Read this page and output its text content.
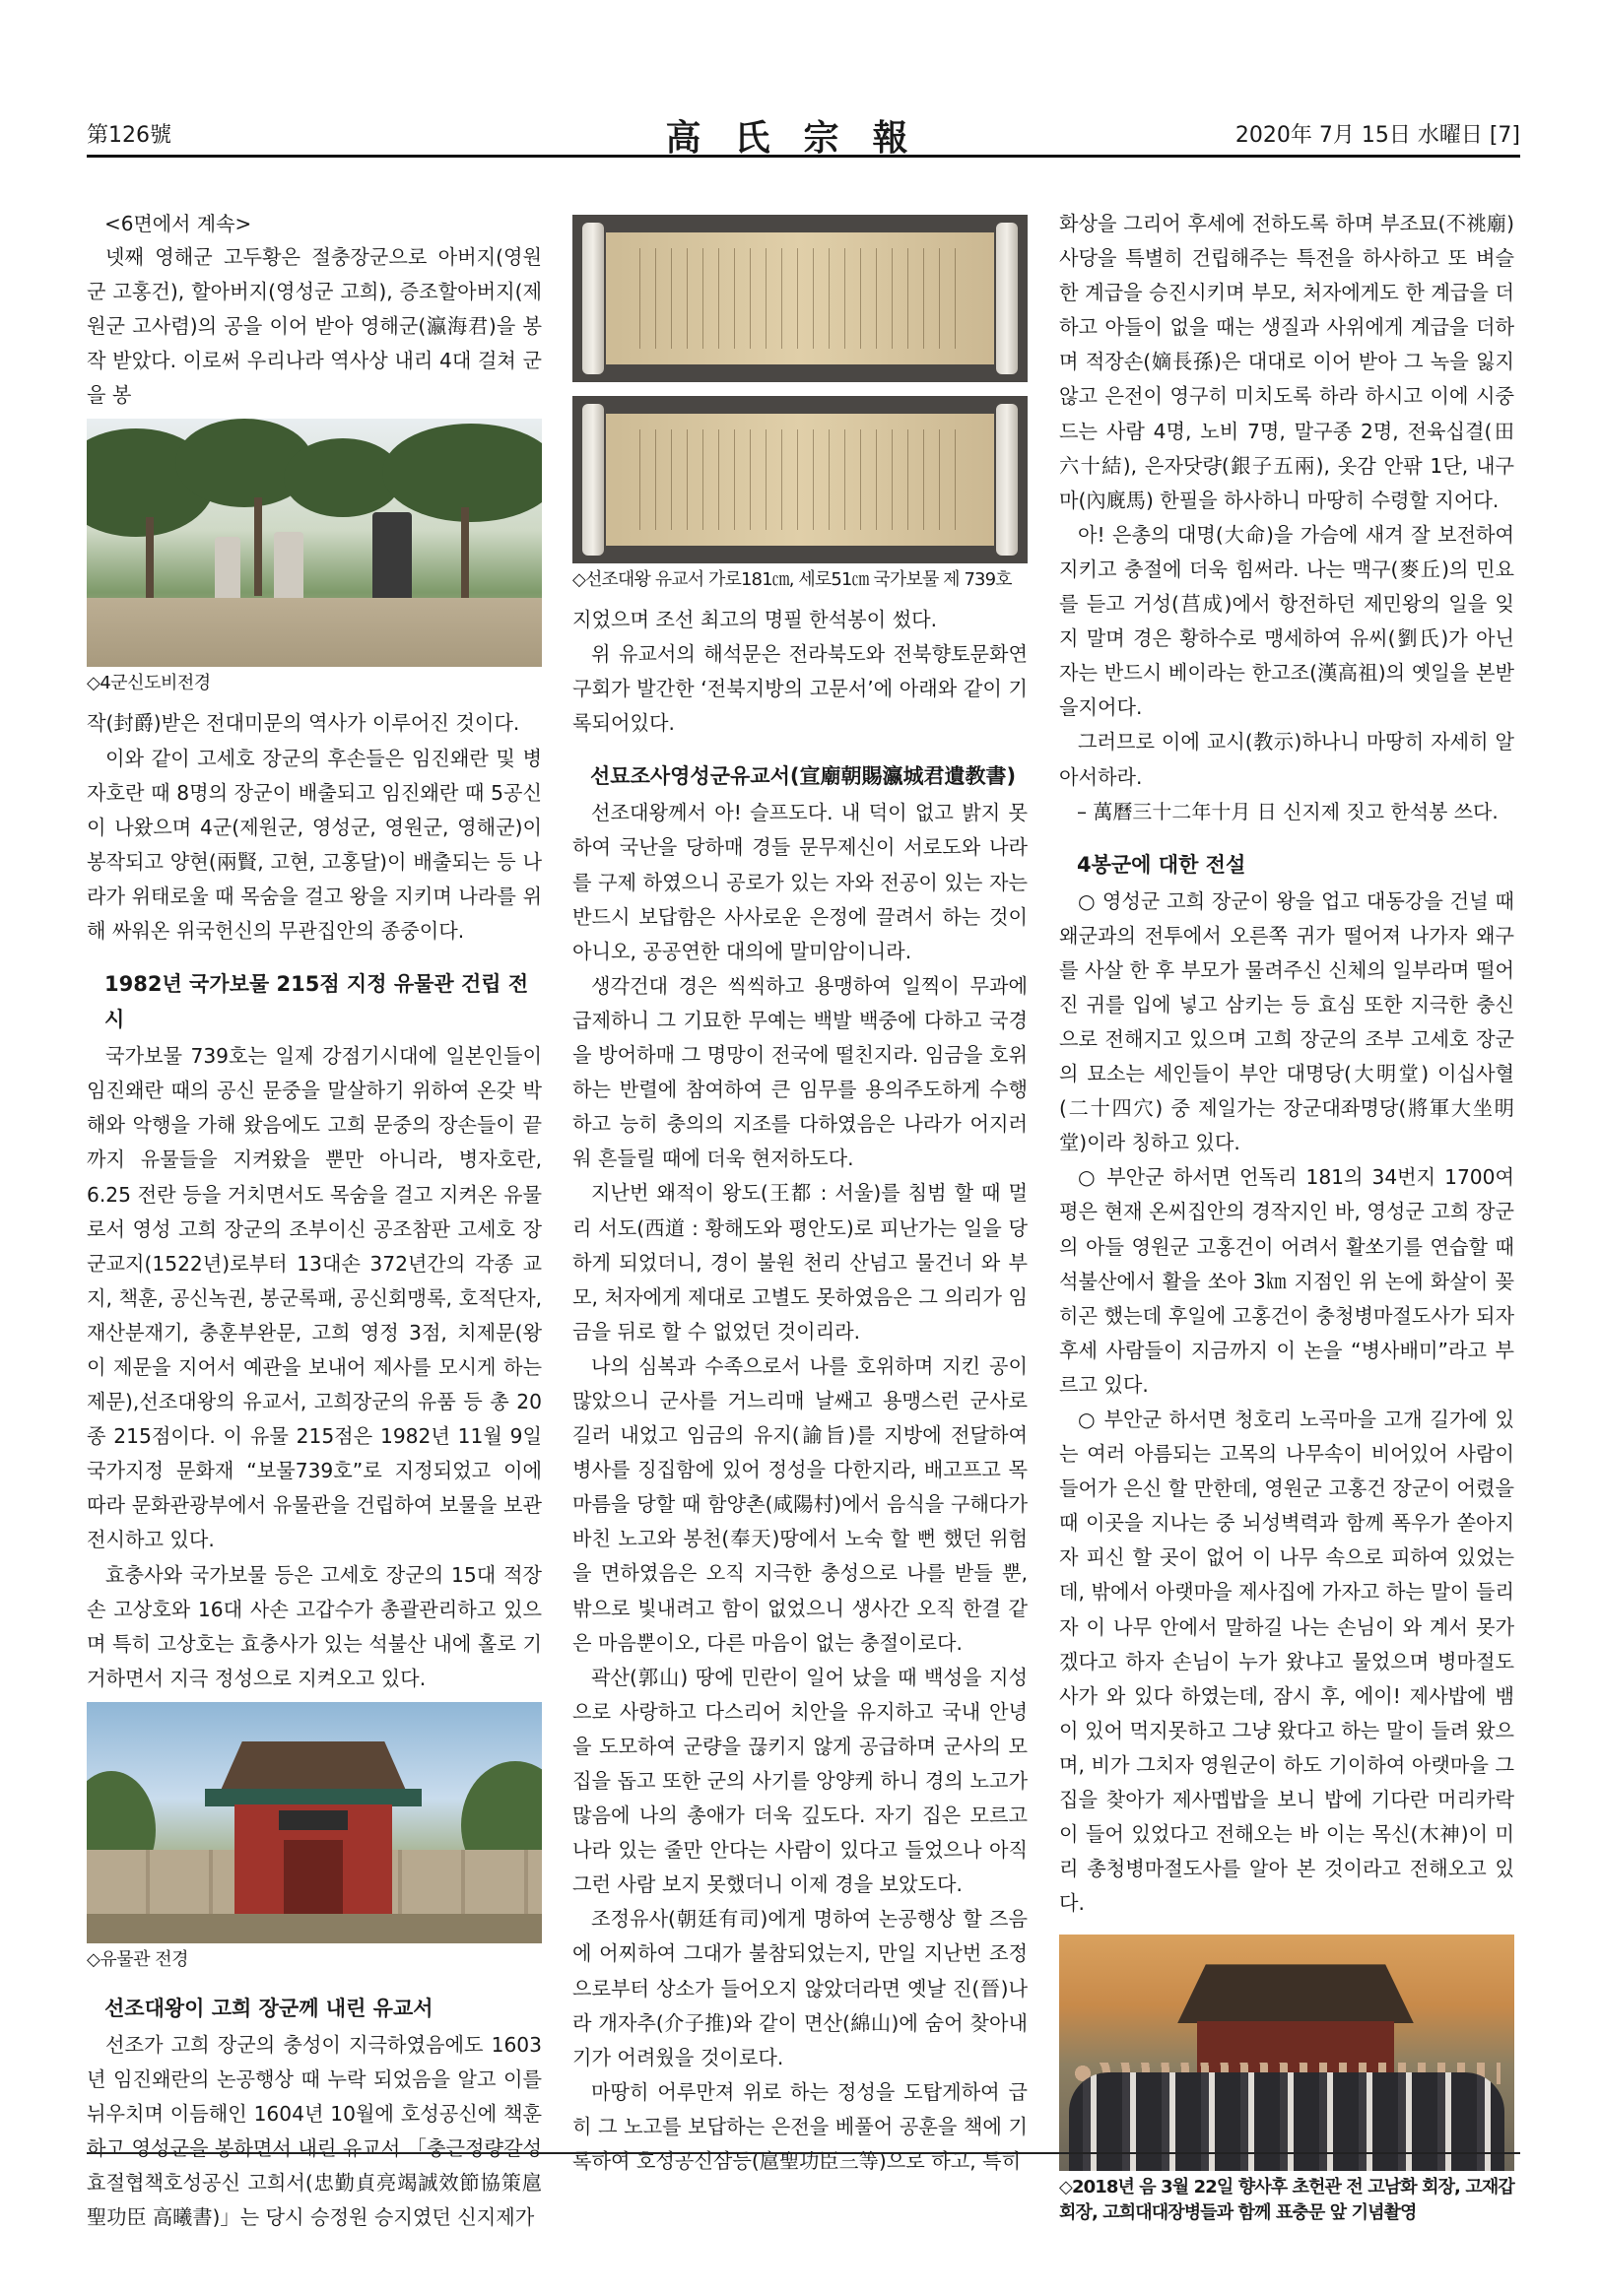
第126號	高氏宗報	2020年 7月 15日 水曜日 [7]
<6면에서 계속>

넷째 영해군 고두황은 절충장군으로 아버지(영원군 고홍건), 할아버지(영성군 고희), 증조할아버지(제원군 고사렴)의 공을 이어 받아 영해군(瀛海君)을 봉작 받았다. 이로써 우리나라 역사상 내리 4대 걸쳐 군을 봉

◇4군신도비전경

작(封爵)받은 전대미문의 역사가 이루어진 것이다.

이와 같이 고세호 장군의 후손들은 임진왜란 및 병자호란 때 8명의 장군이 배출되고 임진왜란 때 5공신이 나왔으며 4군(제원군, 영성군, 영원군, 영해군)이 봉작되고 양현(兩賢, 고현, 고홍달)이 배출되는 등 나라가 위태로울 때 목숨을 걸고 왕을 지키며 나라를 위해 싸워온 위국헌신의 무관집안의 종중이다.

1982년 국가보물 215점 지정 유물관 건립 전시

국가보물 739호는 일제 강점기시대에 일본인들이 임진왜란 때의 공신 문중을 말살하기 위하여 온갖 박해와 악행을 가해 왔음에도 고희 문중의 장손들이 끝까지 유물들을 지켜왔을 뿐만 아니라, 병자호란, 6.25 전란 등을 거치면서도 목숨을 걸고 지켜온 유물로서 영성 고희 장군의 조부이신 공조참판 고세호 장군교지(1522년)로부터 13대손 372년간의 각종 교지, 책훈, 공신녹권, 봉군록패, 공신회맹록, 호적단자, 재산분재기, 충훈부완문, 고희 영정 3점, 치제문(왕이 제문을 지어서 예관을 보내어 제사를 모시게 하는 제문),선조대왕의 유교서, 고희장군의 유품 등 총 20종 215점이다. 이 유물 215점은 1982년 11월 9일 국가지정 문화재 “보물739호”로 지정되었고 이에 따라 문화관광부에서 유물관을 건립하여 보물을 보관전시하고 있다.

효충사와 국가보물 등은 고세호 장군의 15대 적장손 고상호와 16대 사손 고갑수가 총괄관리하고 있으며 특히 고상호는 효충사가 있는 석불산 내에 홀로 기거하면서 지극 정성으로 지켜오고 있다.

◇유물관 전경
선조대왕이 고희 장군께 내린 유교서

선조가 고희 장군의 충성이 지극하였음에도 1603년 임진왜란의 논공행상 때 누락 되었음을 알고 이를 뉘우치며 이듬해인 1604년 10월에 호성공신에 책훈하고 영성군을 봉하면서 내린 유교서 「충근정량갈성효절협책호성공신 고희서(忠勤貞亮竭誠效節協策扈聖功臣 高曦書)」는 당시 승정원 승지였던 신지제가

◇선조대왕 유교서 가로181㎝, 세로51㎝ 국가보물 제 739호

지었으며 조선 최고의 명필 한석봉이 썼다.

위 유교서의 해석문은 전라북도와 전북향토문화연구회가 발간한 ‘전북지방의 고문서’에 아래와 같이 기록되어있다.

선묘조사영성군유교서(宣廟朝賜瀛城君遺教書)

선조대왕께서 아! 슬프도다. 내 덕이 없고 밝지 못하여 국난을 당하매 경들 문무제신이 서로도와 나라를 구제 하였으니 공로가 있는 자와 전공이 있는 자는 반드시 보답함은 사사로운 은정에 끌려서 하는 것이 아니오, 공공연한 대의에 말미암이니라.

생각건대 경은 씩씩하고 용맹하여 일찍이 무과에 급제하니 그 기묘한 무예는 백발 백중에 다하고 국경을 방어하매 그 명망이 전국에 떨친지라. 임금을 호위하는 반렬에 참여하여 큰 임무를 용의주도하게 수행하고 능히 충의의 지조를 다하였음은 나라가 어지러워 흔들릴 때에 더욱 현저하도다.

지난번 왜적이 왕도(王都 : 서울)를 침범 할 때 멀리 서도(西道 : 황해도와 평안도)로 피난가는 일을 당하게 되었더니, 경이 불원 천리 산넘고 물건너 와 부모, 처자에게 제대로 고별도 못하였음은 그 의리가 임금을 뒤로 할 수 없었던 것이리라.

나의 심복과 수족으로서 나를 호위하며 지킨 공이 많았으니 군사를 거느리매 날쌔고 용맹스런 군사로 길러 내었고 임금의 유지(諭旨)를 지방에 전달하여 병사를 징집함에 있어 정성을 다한지라, 배고프고 목마름을 당할 때 함양촌(咸陽村)에서 음식을 구해다가 바친 노고와 봉천(奉天)땅에서 노숙 할 뻔 했던 위험을 면하였음은 오직 지극한 충성으로 나를 받들 뿐, 밖으로 빛내려고 함이 없었으니 생사간 오직 한결 같은 마음뿐이오, 다른 마음이 없는 충절이로다.

곽산(郭山) 땅에 민란이 일어 났을 때 백성을 지성으로 사랑하고 다스리어 치안을 유지하고 국내 안녕을 도모하여 군량을 끊키지 않게 공급하며 군사의 모집을 돕고 또한 군의 사기를 앙양케 하니 경의 노고가 많음에 나의 총애가 더욱 깊도다. 자기 집은 모르고 나라 있는 줄만 안다는 사람이 있다고 들었으나 아직 그런 사람 보지 못했더니 이제 경을 보았도다.

조정유사(朝廷有司)에게 명하여 논공행상 할 즈음에 어찌하여 그대가 불참되었는지, 만일 지난번 조정으로부터 상소가 들어오지 않았더라면 옛날 진(晉)나라 개자추(介子推)와 같이 면산(綿山)에 숨어 찾아내기가 어려웠을 것이로다.

마땅히 어루만져 위로 하는 정성을 도탑게하여 급히 그 노고를 보답하는 은전을 베풀어 공훈을 책에 기록하여 호성공신삼등(扈聖功臣三等)으로 하고, 특히

화상을 그리어 후세에 전하도록 하며 부조묘(不祧廟) 사당을 특별히 건립해주는 특전을 하사하고 또 벼슬 한 계급을 승진시키며 부모, 처자에게도 한 계급을 더하고 아들이 없을 때는 생질과 사위에게 계급을 더하며 적장손(嫡長孫)은 대대로 이어 받아 그 녹을 잃지 않고 은전이 영구히 미치도록 하라 하시고 이에 시중드는 사람 4명, 노비 7명, 말구종 2명, 전육십결(田六十結), 은자닷량(銀子五兩), 옷감 안팎 1단, 내구마(內廐馬) 한필을 하사하니 마땅히 수령할 지어다.

아! 은총의 대명(大命)을 가슴에 새겨 잘 보전하여 지키고 충절에 더욱 힘써라. 나는 맥구(麥丘)의 민요를 듣고 거성(莒成)에서 항전하던 제민왕의 일을 잊지 말며 경은 황하수로 맹세하여 유씨(劉氏)가 아닌 자는 반드시 베이라는 한고조(漢高祖)의 옛일을 본받을지어다.

그러므로 이에 교시(教示)하나니 마땅히 자세히 알아서하라.

– 萬曆三十二年十月 日 신지제 짓고 한석봉 쓰다.
4봉군에 대한 전설

○ 영성군 고희 장군이 왕을 업고 대동강을 건널 때 왜군과의 전투에서 오른쪽 귀가 떨어져 나가자 왜구를 사살 한 후 부모가 물려주신 신체의 일부라며 떨어진 귀를 입에 넣고 삼키는 등 효심 또한 지극한 충신으로 전해지고 있으며 고희 장군의 조부 고세호 장군의 묘소는 세인들이 부안 대명당(大明堂) 이십사혈(二十四穴) 중 제일가는 장군대좌명당(將軍大坐明堂)이라 칭하고 있다.

○ 부안군 하서면 언독리 181의 34번지 1700여 평은 현재 온씨집안의 경작지인 바, 영성군 고희 장군의 아들 영원군 고홍건이 어려서 활쏘기를 연습할 때 석불산에서 활을 쏘아 3㎞ 지점인 위 논에 화살이 꽂히곤 했는데 후일에 고홍건이 충청병마절도사가 되자 후세 사람들이 지금까지 이 논을 “병사배미”라고 부르고 있다.

○ 부안군 하서면 청호리 노곡마을 고개 길가에 있는 여러 아름되는 고목의 나무속이 비어있어 사람이 들어가 은신 할 만한데, 영원군 고홍건 장군이 어렸을 때 이곳을 지나는 중 뇌성벽력과 함께 폭우가 쏟아지자 피신 할 곳이 없어 이 나무 속으로 피하여 있었는데, 밖에서 아랫마을 제사집에 가자고 하는 말이 들리자 이 나무 안에서 말하길 나는 손님이 와 계서 못가겠다고 하자 손님이 누가 왔냐고 물었으며 병마절도사가 와 있다 하였는데, 잠시 후, 에이! 제사밥에 뱀이 있어 먹지못하고 그냥 왔다고 하는 말이 들려 왔으며, 비가 그치자 영원군이 하도 기이하여 아랫마을 그 집을 찾아가 제사멥밥을 보니 밥에 기다란 머리카락이 들어 있었다고 전해오는 바 이는 목신(木神)이 미리 총청병마절도사를 알아 본 것이라고 전해오고 있다.

◇2018년 음 3월 22일 향사후 초헌관 전 고남화 회장, 고재갑 회장, 고희대대장병들과 함께 표충문 앞 기념촬영
